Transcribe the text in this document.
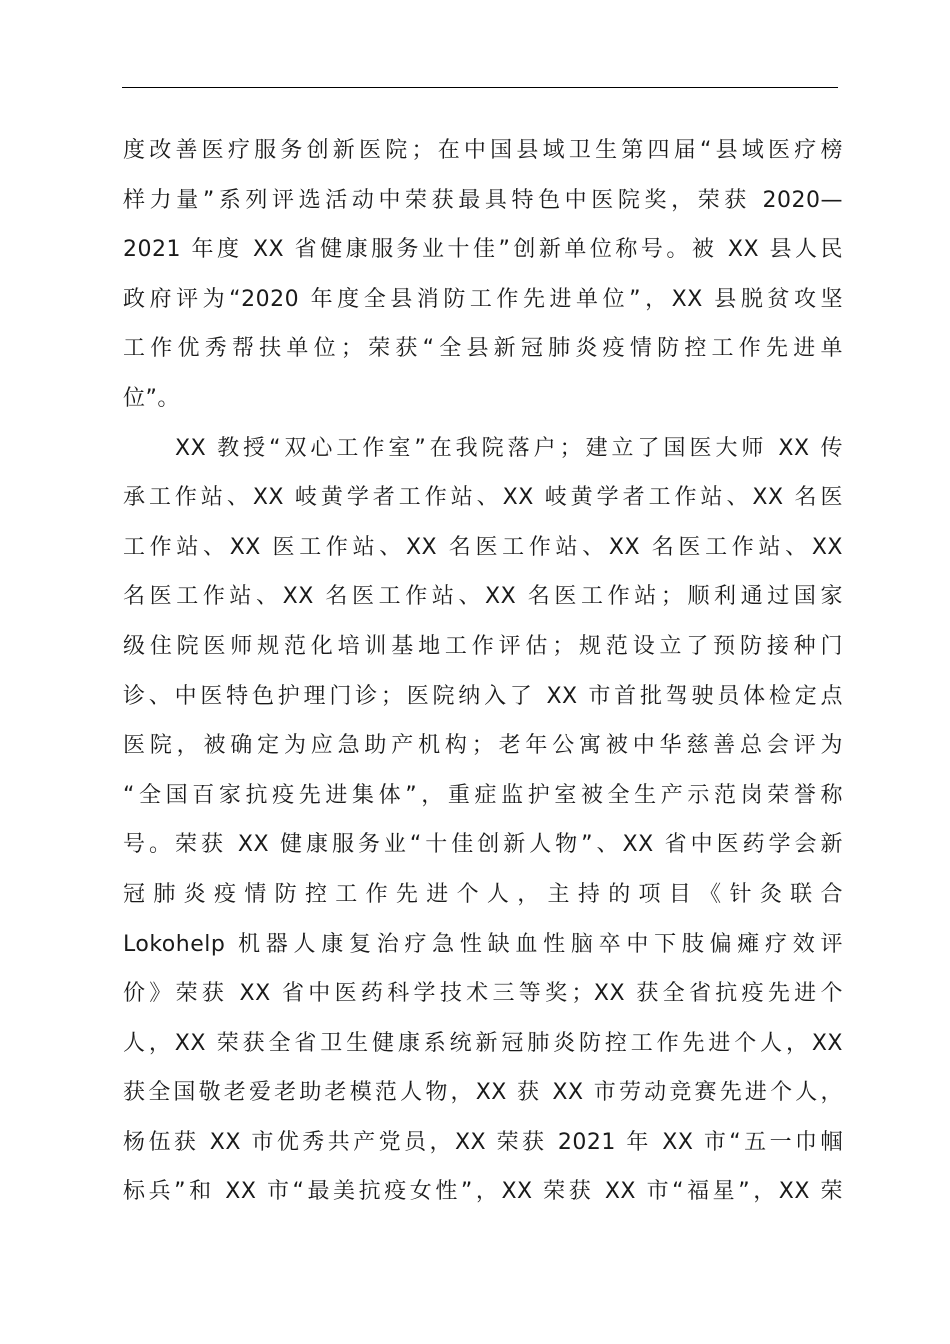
度改善医疗服务创新医院；在中国县域卫生第四届“县域医疗榜
样力量”系列评选活动中荣获最具特色中医院奖，荣获 2020—
2021 年度 XX 省健康服务业十佳”创新单位称号。被 XX 县人民
政府评为“2020 年度全县消防工作先进单位”，XX 县脱贫攻坚
工作优秀帮扶单位；荣获“全县新冠肺炎疫情防控工作先进单
位”。
XX 教授“双心工作室”在我院落户；建立了国医大师 XX 传
承工作站、XX 岐黄学者工作站、XX 岐黄学者工作站、XX 名医
工作站、XX 医工作站、XX 名医工作站、XX 名医工作站、XX
名医工作站、XX 名医工作站、XX 名医工作站；顺利通过国家
级住院医师规范化培训基地工作评估；规范设立了预防接种门
诊、中医特色护理门诊；医院纳入了 XX 市首批驾驶员体检定点
医院，被确定为应急助产机构；老年公寓被中华慈善总会评为
“全国百家抗疫先进集体”，重症监护室被全生产示范岗荣誉称
号。荣获 XX 健康服务业“十佳创新人物”、XX 省中医药学会新
冠肺炎疫情防控工作先进个人，主持的项目《针灸联合
Lokohelp 机器人康复治疗急性缺血性脑卒中下肢偏瘫疗效评
价》荣获 XX 省中医药科学技术三等奖；XX 获全省抗疫先进个
人，XX 荣获全省卫生健康系统新冠肺炎防控工作先进个人，XX
获全国敬老爱老助老模范人物，XX 获 XX 市劳动竞赛先进个人，
杨伍获 XX 市优秀共产党员，XX 荣获 2021 年 XX 市“五一巾帼
标兵”和 XX 市“最美抗疫女性”，XX 荣获 XX 市“福星”，XX 荣
